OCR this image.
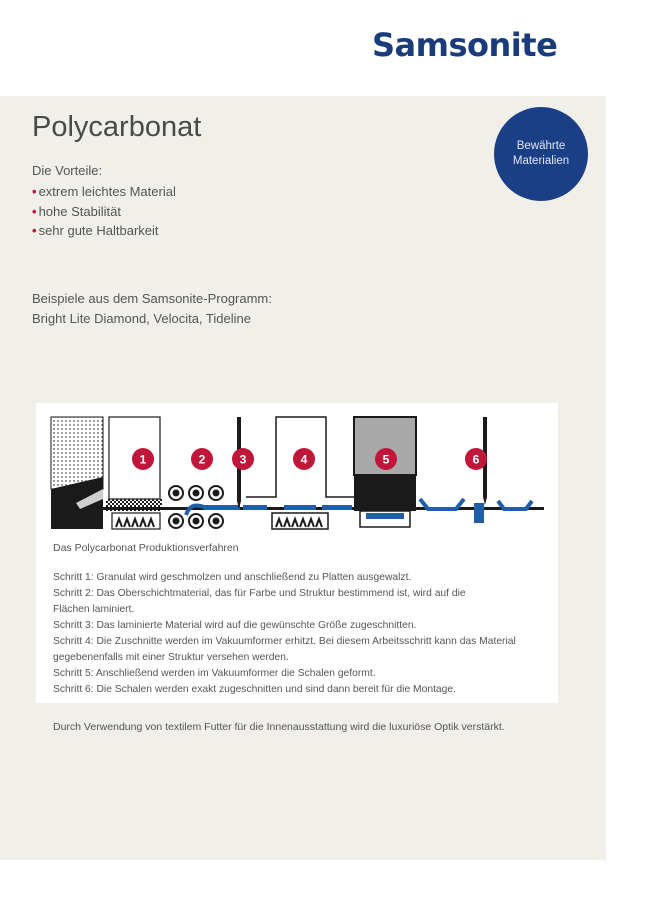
Samsonite
Polycarbonat
Bewährte
Materialien
Die Vorteile:
• extrem leichtes Material
• hohe Stabilität
• sehr gute Haltbarkeit
Beispiele aus dem Samsonite-Programm:
Bright Lite Diamond, Velocita, Tideline
1	2	3	4	5	6
Das Polycarbonat Produktionsverfahren
Schritt 1: Granulat wird geschmolzen und anschließend zu Platten ausgewalzt.
Schritt 2: Das Oberschichtmaterial, das für Farbe und Struktur bestimmend ist, wird auf die
Flächen laminiert.
Schritt 3: Das laminierte Material wird auf die gewünschte Größe zugeschnitten.
Schritt 4: Die Zuschnitte werden im Vakuumformer erhitzt. Bei diesem Arbeitsschritt kann das Material
gegebenenfalls mit einer Struktur versehen werden.
Schritt 5: Anschließend werden im Vakuumformer die Schalen geformt.
Schritt 6: Die Schalen werden exakt zugeschnitten und sind dann bereit für die Montage.
Durch Verwendung von textilem Futter für die Innenausstattung wird die luxuriöse Optik verstärkt.
